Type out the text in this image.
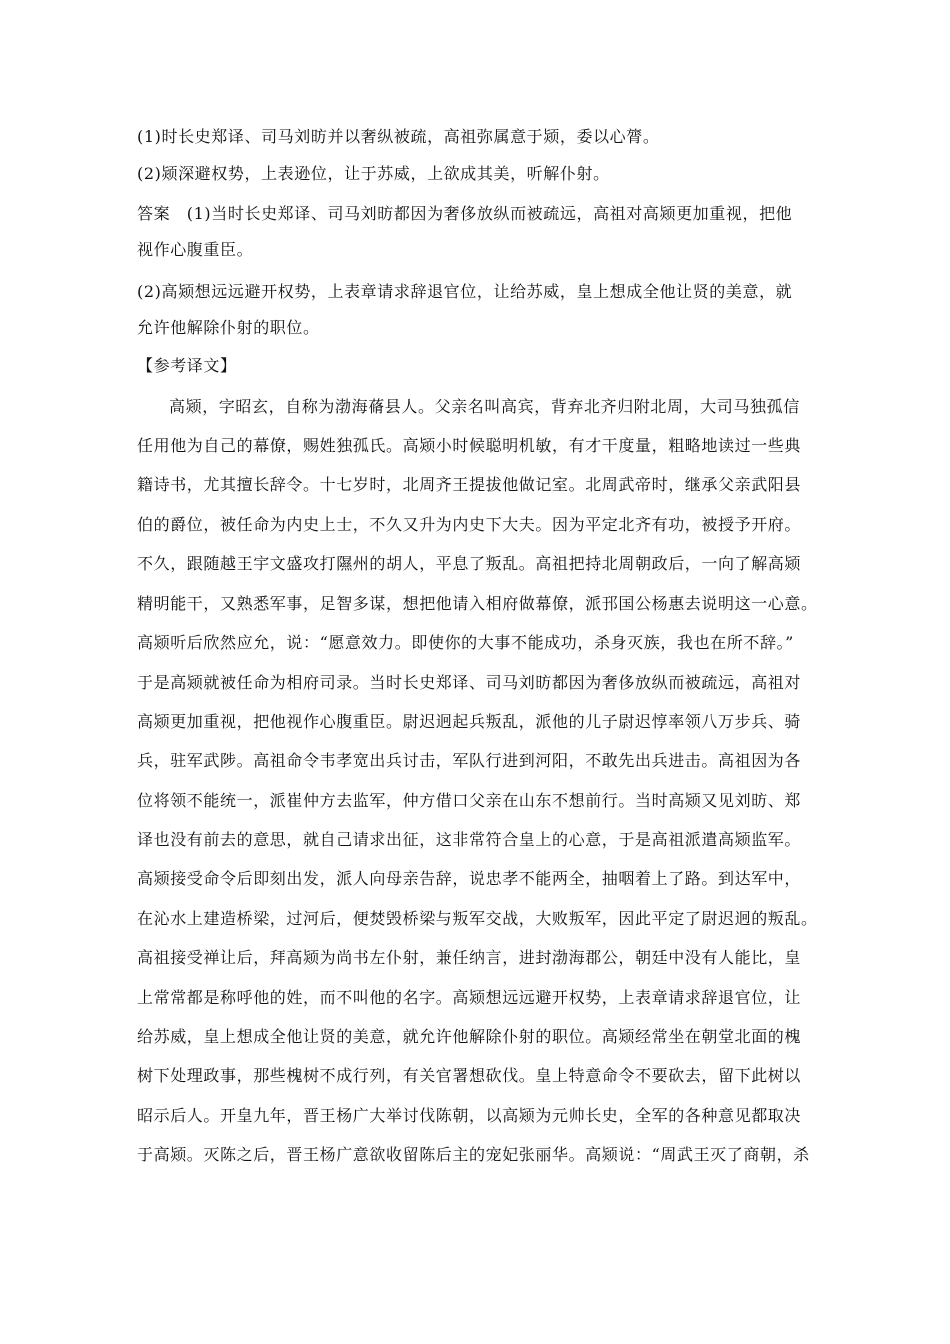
(1)时长史郑译、司马刘昉并以奢纵被疏，高祖弥属意于颎，委以心膂。
(2)颎深避权势，上表逊位，让于苏威，上欲成其美，听解仆射。
答案　(1)当时长史郑译、司马刘昉都因为奢侈放纵而被疏远，高祖对高颎更加重视，把他
视作心腹重臣。
(2)高颎想远远避开权势，上表章请求辞退官位，让给苏威，皇上想成全他让贤的美意，就
允许他解除仆射的职位。
【参考译文】
高颎，字昭玄，自称为渤海蓨县人。父亲名叫高宾，背弃北齐归附北周，大司马独孤信
任用他为自己的幕僚，赐姓独孤氏。高颎小时候聪明机敏，有才干度量，粗略地读过一些典
籍诗书，尤其擅长辞令。十七岁时，北周齐王提拔他做记室。北周武帝时，继承父亲武阳县
伯的爵位，被任命为内史上士，不久又升为内史下大夫。因为平定北齐有功，被授予开府。
不久，跟随越王宇文盛攻打隰州的胡人，平息了叛乱。高祖把持北周朝政后，一向了解高颎
精明能干，又熟悉军事，足智多谋，想把他请入相府做幕僚，派邘国公杨惠去说明这一心意。
高颎听后欣然应允，说：“愿意效力。即使你的大事不能成功，杀身灭族，我也在所不辞。”
于是高颎就被任命为相府司录。当时长史郑译、司马刘昉都因为奢侈放纵而被疏远，高祖对
高颎更加重视，把他视作心腹重臣。尉迟迥起兵叛乱，派他的儿子尉迟惇率领八万步兵、骑
兵，驻军武陟。高祖命令韦孝宽出兵讨击，军队行进到河阳，不敢先出兵进击。高祖因为各
位将领不能统一，派崔仲方去监军，仲方借口父亲在山东不想前行。当时高颎又见刘昉、郑
译也没有前去的意思，就自己请求出征，这非常符合皇上的心意，于是高祖派遣高颎监军。
高颎接受命令后即刻出发，派人向母亲告辞，说忠孝不能两全，抽咽着上了路。到达军中，
在沁水上建造桥梁，过河后，便焚毁桥梁与叛军交战，大败叛军，因此平定了尉迟迥的叛乱。
高祖接受禅让后，拜高颎为尚书左仆射，兼任纳言，进封渤海郡公，朝廷中没有人能比，皇
上常常都是称呼他的姓，而不叫他的名字。高颎想远远避开权势，上表章请求辞退官位，让
给苏威，皇上想成全他让贤的美意，就允许他解除仆射的职位。高颎经常坐在朝堂北面的槐
树下处理政事，那些槐树不成行列，有关官署想砍伐。皇上特意命令不要砍去，留下此树以
昭示后人。开皇九年，晋王杨广大举讨伐陈朝，以高颎为元帅长史，全军的各种意见都取决
于高颎。灭陈之后，晋王杨广意欲收留陈后主的宠妃张丽华。高颎说：“周武王灭了商朝，杀
